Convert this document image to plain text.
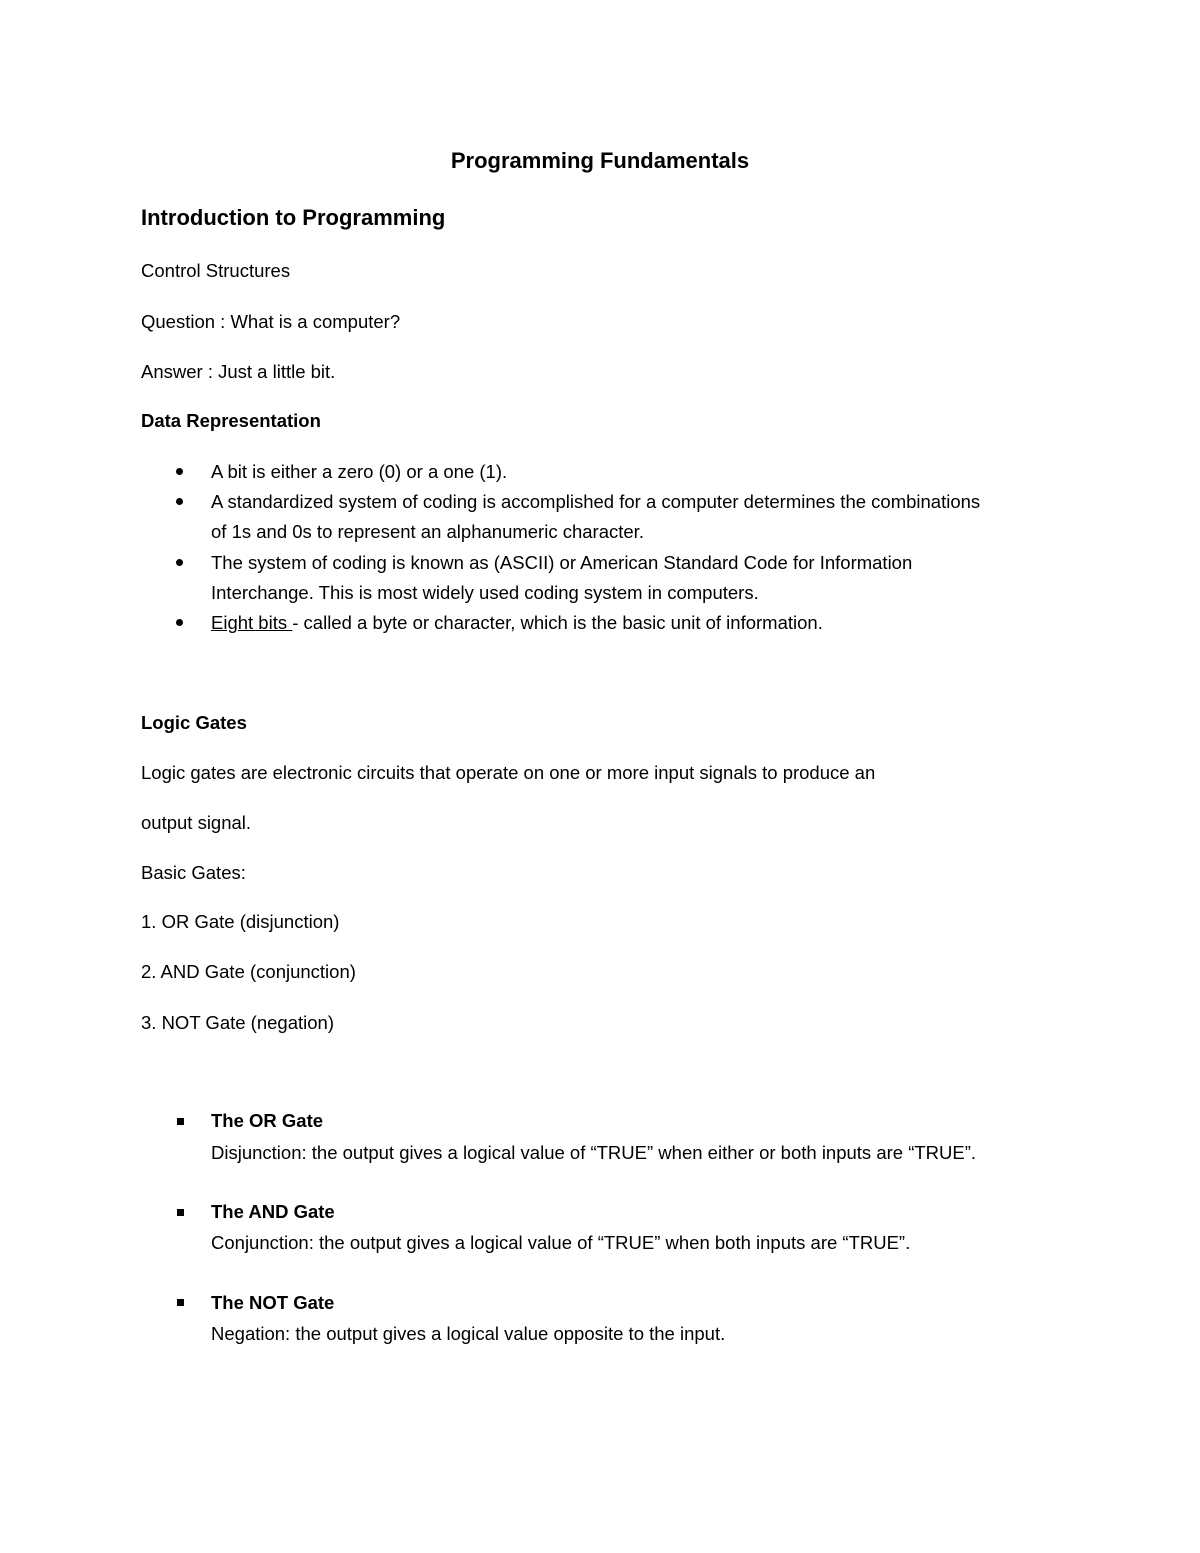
Programming Fundamentals
Introduction to Programming
Control Structures
Question : What is a computer?
Answer : Just a little bit.
Data Representation
A bit is either a zero (0) or a one (1).
A standardized system of coding is accomplished for a computer determines the combinations
of 1s and 0s to represent an alphanumeric character.
The system of coding is known as (ASCII) or American Standard Code for Information
Interchange. This is most widely used coding system in computers.
Eight bits - called a byte or character, which is the basic unit of information.
Logic Gates
Logic gates are electronic circuits that operate on one or more input signals to produce an
output signal.
Basic Gates:
1. OR Gate (disjunction)
2. AND Gate (conjunction)
3. NOT Gate (negation)
The OR Gate
Disjunction: the output gives a logical value of “TRUE” when either or both inputs are “TRUE”.
The AND Gate
Conjunction: the output gives a logical value of “TRUE” when both inputs are “TRUE”.
The NOT Gate
Negation: the output gives a logical value opposite to the input.
